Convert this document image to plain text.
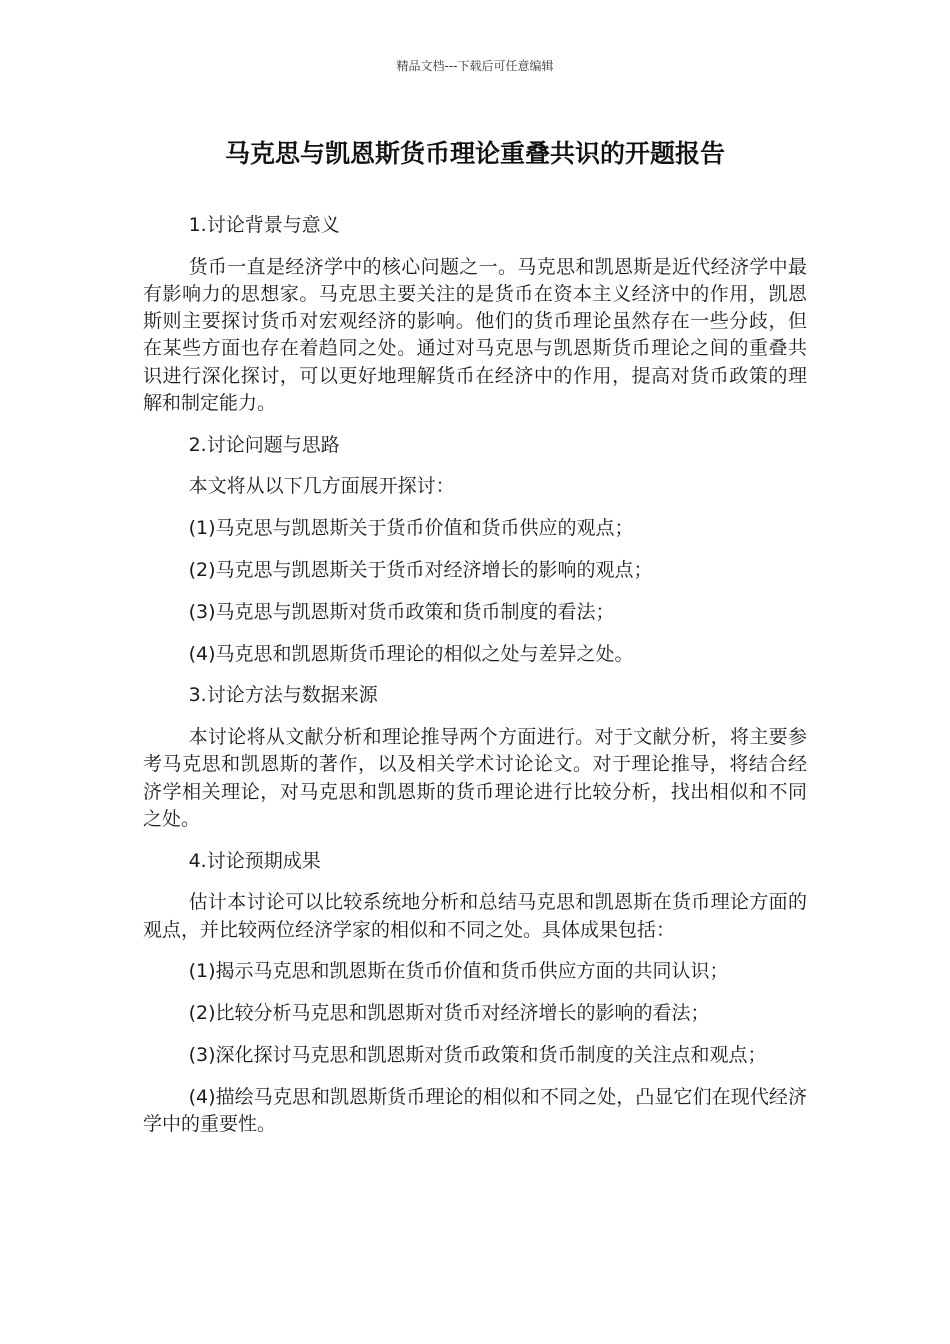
精品文档---下载后可任意编辑
马克思与凯恩斯货币理论重叠共识的开题报告

1.讨论背景与意义

货币一直是经济学中的核心问题之一。马克思和凯恩斯是近代经济学中最有影响力的思想家。马克思主要关注的是货币在资本主义经济中的作用，凯恩斯则主要探讨货币对宏观经济的影响。他们的货币理论虽然存在一些分歧，但在某些方面也存在着趋同之处。通过对马克思与凯恩斯货币理论之间的重叠共识进行深化探讨，可以更好地理解货币在经济中的作用，提高对货币政策的理解和制定能力。

2.讨论问题与思路

本文将从以下几方面展开探讨：

(1)马克思与凯恩斯关于货币价值和货币供应的观点；

(2)马克思与凯恩斯关于货币对经济增长的影响的观点；

(3)马克思与凯恩斯对货币政策和货币制度的看法；

(4)马克思和凯恩斯货币理论的相似之处与差异之处。

3.讨论方法与数据来源

本讨论将从文献分析和理论推导两个方面进行。对于文献分析，将主要参考马克思和凯恩斯的著作，以及相关学术讨论论文。对于理论推导，将结合经济学相关理论，对马克思和凯恩斯的货币理论进行比较分析，找出相似和不同之处。

4.讨论预期成果

估计本讨论可以比较系统地分析和总结马克思和凯恩斯在货币理论方面的观点，并比较两位经济学家的相似和不同之处。具体成果包括：

(1)揭示马克思和凯恩斯在货币价值和货币供应方面的共同认识；

(2)比较分析马克思和凯恩斯对货币对经济增长的影响的看法；

(3)深化探讨马克思和凯恩斯对货币政策和货币制度的关注点和观点；

(4)描绘马克思和凯恩斯货币理论的相似和不同之处，凸显它们在现代经济学中的重要性。
